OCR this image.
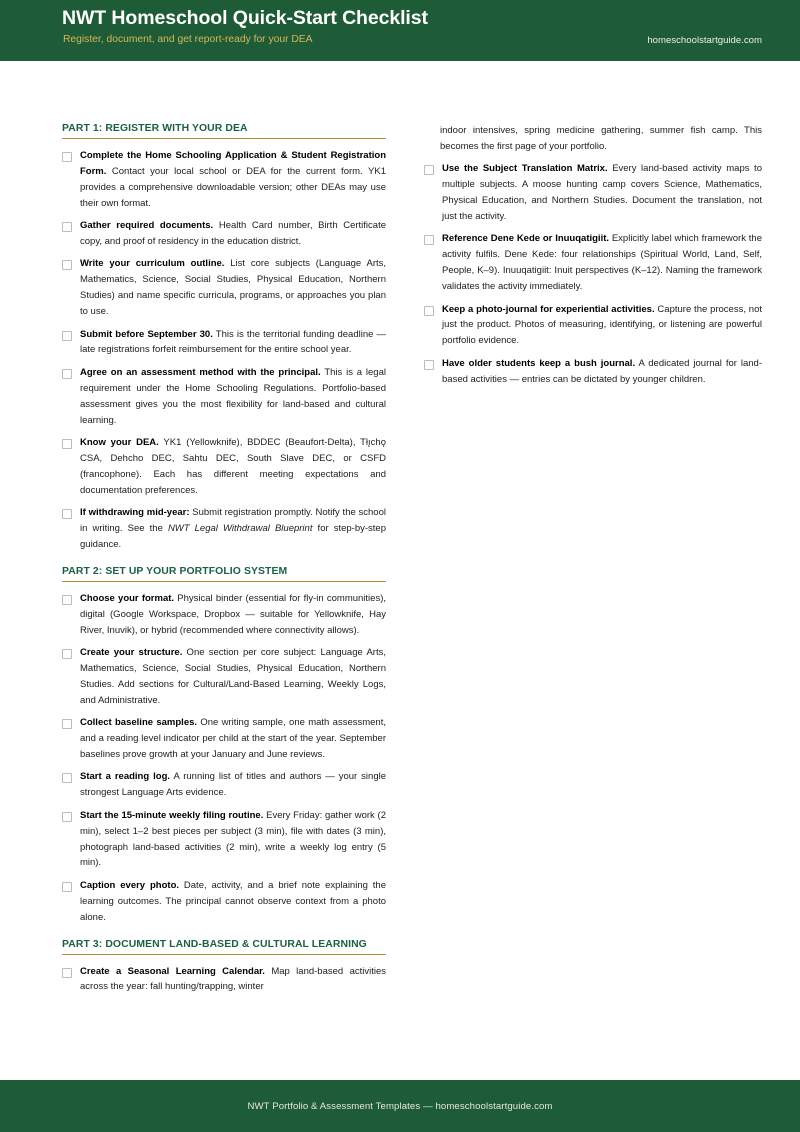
NWT Homeschool Quick-Start Checklist
Register, document, and get report-ready for your DEA	homeschoolstartguide.com
PART 1: REGISTER WITH YOUR DEA
Complete the Home Schooling Application & Student Registration Form. Contact your local school or DEA for the current form. YK1 provides a comprehensive downloadable version; other DEAs may use their own format.
Gather required documents. Health Card number, Birth Certificate copy, and proof of residency in the education district.
Write your curriculum outline. List core subjects (Language Arts, Mathematics, Science, Social Studies, Physical Education, Northern Studies) and name specific curricula, programs, or approaches you plan to use.
Submit before September 30. This is the territorial funding deadline — late registrations forfeit reimbursement for the entire school year.
Agree on an assessment method with the principal. This is a legal requirement under the Home Schooling Regulations. Portfolio-based assessment gives you the most flexibility for land-based and cultural learning.
Know your DEA. YK1 (Yellowknife), BDDEC (Beaufort-Delta), Tłı̨chǫ CSA, Dehcho DEC, Sahtu DEC, South Slave DEC, or CSFD (francophone). Each has different meeting expectations and documentation preferences.
If withdrawing mid-year: Submit registration promptly. Notify the school in writing. See the NWT Legal Withdrawal Blueprint for step-by-step guidance.
PART 2: SET UP YOUR PORTFOLIO SYSTEM
Choose your format. Physical binder (essential for fly-in communities), digital (Google Workspace, Dropbox — suitable for Yellowknife, Hay River, Inuvik), or hybrid (recommended where connectivity allows).
Create your structure. One section per core subject: Language Arts, Mathematics, Science, Social Studies, Physical Education, Northern Studies. Add sections for Cultural/Land-Based Learning, Weekly Logs, and Administrative.
Collect baseline samples. One writing sample, one math assessment, and a reading level indicator per child at the start of the year. September baselines prove growth at your January and June reviews.
Start a reading log. A running list of titles and authors — your single strongest Language Arts evidence.
Start the 15-minute weekly filing routine. Every Friday: gather work (2 min), select 1–2 best pieces per subject (3 min), file with dates (3 min), photograph land-based activities (2 min), write a weekly log entry (5 min).
Caption every photo. Date, activity, and a brief note explaining the learning outcomes. The principal cannot observe context from a photo alone.
PART 3: DOCUMENT LAND-BASED & CULTURAL LEARNING
Create a Seasonal Learning Calendar. Map land-based activities across the year: fall hunting/trapping, winter
indoor intensives, spring medicine gathering, summer fish camp. This becomes the first page of your portfolio.
Use the Subject Translation Matrix. Every land-based activity maps to multiple subjects. A moose hunting camp covers Science, Mathematics, Physical Education, and Northern Studies. Document the translation, not just the activity.
Reference Dene Kede or Inuuqatigiit. Explicitly label which framework the activity fulfils. Dene Kede: four relationships (Spiritual World, Land, Self, People, K–9). Inuuqatigiit: Inuit perspectives (K–12). Naming the framework validates the activity immediately.
Keep a photo-journal for experiential activities. Capture the process, not just the product. Photos of measuring, identifying, or listening are powerful portfolio evidence.
Have older students keep a bush journal. A dedicated journal for land-based activities — entries can be dictated by younger children.
NWT Portfolio & Assessment Templates — homeschoolstartguide.com
